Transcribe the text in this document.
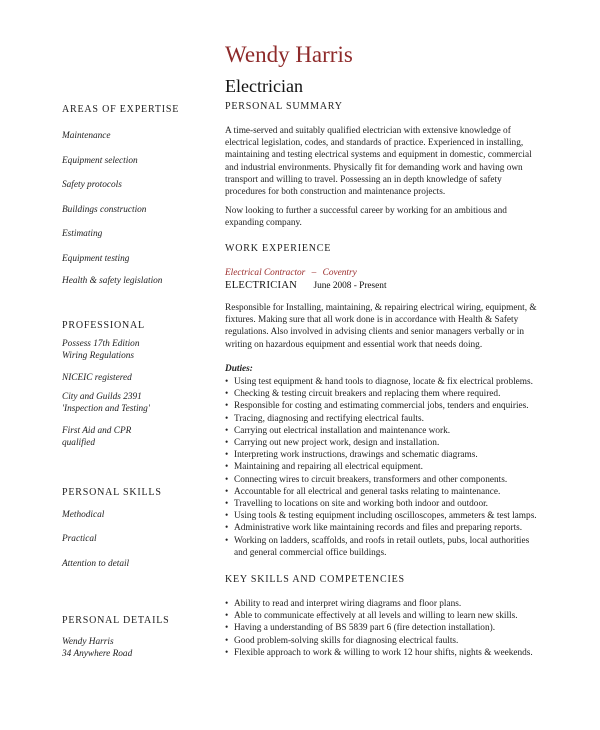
Wendy Harris
Electrician
AREAS OF EXPERTISE
Maintenance
Equipment selection
Safety protocols
Buildings construction
Estimating
Equipment testing
Health & safety legislation
PROFESSIONAL
Possess 17th Edition
Wiring Regulations
NICEIC registered
City and Guilds 2391
'Inspection and Testing'
First Aid and CPR
qualified
PERSONAL SKILLS
Methodical
Practical
Attention to detail
PERSONAL DETAILS
Wendy Harris
34 Anywhere Road
PERSONAL SUMMARY
A time-served and suitably qualified electrician with extensive knowledge of electrical legislation, codes, and standards of practice. Experienced in installing, maintaining and testing electrical systems and equipment in domestic, commercial and industrial environments. Physically fit for demanding work and having own transport and willing to travel. Possessing an in depth knowledge of safety procedures for both construction and maintenance projects.
Now looking to further a successful career by working for an ambitious and expanding company.
WORK EXPERIENCE
Electrical Contractor – Coventry
ELECTRICIAN June 2008 - Present
Responsible for Installing, maintaining, & repairing electrical wiring, equipment, & fixtures. Making sure that all work done is in accordance with Health & Safety regulations. Also involved in advising clients and senior managers verbally or in writing on hazardous equipment and essential work that needs doing.
Duties:
• Using test equipment & hand tools to diagnose, locate & fix electrical problems.
• Checking & testing circuit breakers and replacing them where required.
• Responsible for costing and estimating commercial jobs, tenders and enquiries.
• Tracing, diagnosing and rectifying electrical faults.
• Carrying out electrical installation and maintenance work.
• Carrying out new project work, design and installation.
• Interpreting work instructions, drawings and schematic diagrams.
• Maintaining and repairing all electrical equipment.
• Connecting wires to circuit breakers, transformers and other components.
• Accountable for all electrical and general tasks relating to maintenance.
• Travelling to locations on site and working both indoor and outdoor.
• Using tools & testing equipment including oscilloscopes, ammeters & test lamps.
• Administrative work like maintaining records and files and preparing reports.
• Working on ladders, scaffolds, and roofs in retail outlets, pubs, local authorities and general commercial office buildings.
KEY SKILLS AND COMPETENCIES
• Ability to read and interpret wiring diagrams and floor plans.
• Able to communicate effectively at all levels and willing to learn new skills.
• Having a understanding of BS 5839 part 6 (fire detection installation).
• Good problem-solving skills for diagnosing electrical faults.
• Flexible approach to work & willing to work 12 hour shifts, nights & weekends.
